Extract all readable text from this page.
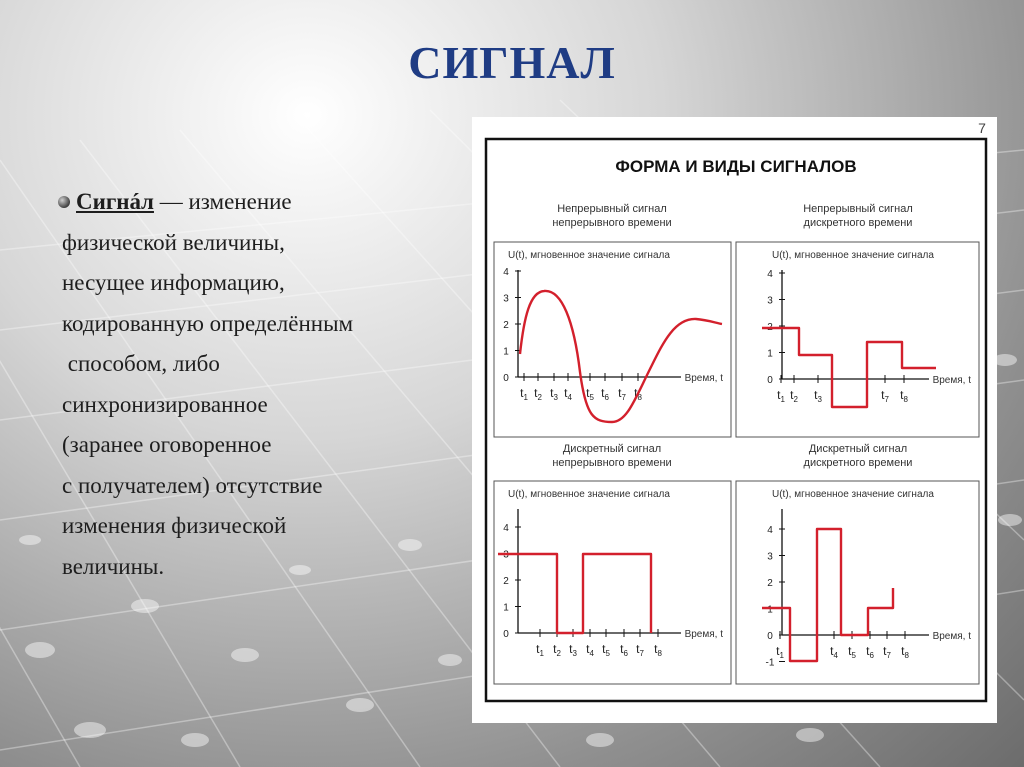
СИГНАЛ
Сигнáл — изменение
физической величины,
несущее информацию,
кодированную определённым
способом, либо
синхронизированное
(заранее оговоренное
с получателем) отсутствие
изменения физической
величины.
7
ФОРМА И ВИДЫ СИГНАЛОВ
Непрерывный сигнал
непрерывного времени
U(t), мгновенное значение сигнала
Время, t
4
3
2
1
0
$t_1$ $t_2$ $t_3$ $t_4$ $t_5$ $t_6$ $t_7$ $t_8$
Непрерывный сигнал
дискретного времени
U(t), мгновенное значение сигнала
Время, t
4
3
2
1
0
$t_1$ $t_2$ $t_3$	$t_7$ $t_8$
Дискретный сигнал
непрерывного времени
U(t), мгновенное значение сигнала
Время, t
4
3
2
1
0
$t_1$ $t_2$ $t_3$ $t_4$ $t_5$ $t_6$ $t_7$ $t_8$
Дискретный сигнал
дискретного времени
U(t), мгновенное значение сигнала
Время, t
4
3
2
1
0
-1
$t_1$	$t_4$ $t_5$ $t_6$ $t_7$ $t_8$
